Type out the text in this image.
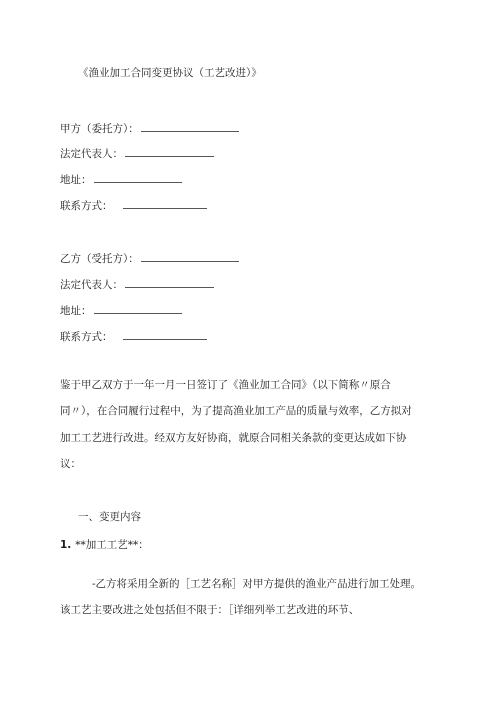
《渔业加工合同变更协议（工艺改进）》
甲方（委托方）：
法定代表人：
地址：
联系方式：
乙方（受托方）：
法定代表人：
地址：
联系方式：
鉴于甲乙双方于一年一月一日签订了《渔业加工合同》（以下简称〃原合
同〃），在合同履行过程中，为了提高渔业加工产品的质量与效率，乙方拟对
加工工艺进行改进。经双方友好协商，就原合同相关条款的变更达成如下协
议：
一、变更内容
1. **加工工艺**：
-乙方将采用全新的［工艺名称］对甲方提供的渔业产品进行加工处理。
该工艺主要改进之处包括但不限于：［详细列举工艺改进的环节、
